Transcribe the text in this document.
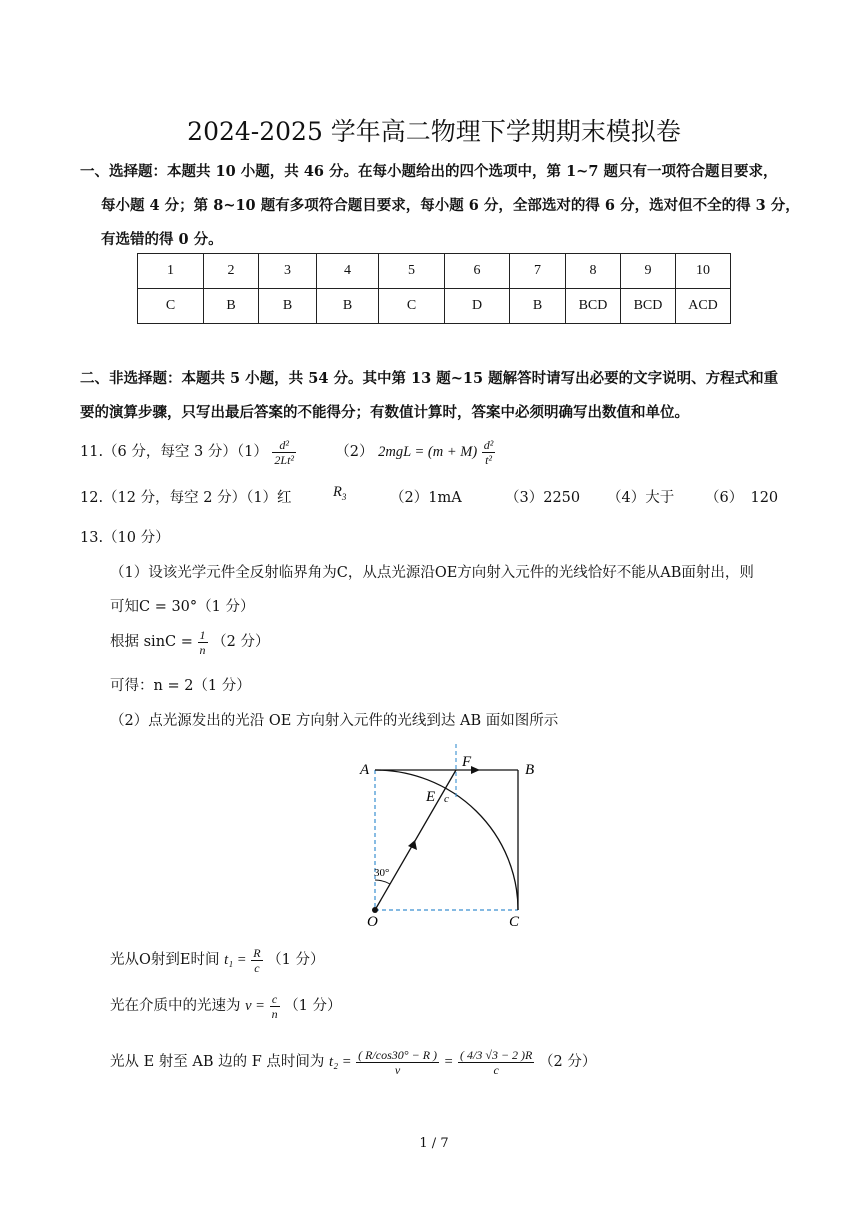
2024-2025 学年高二物理下学期期末模拟卷
一、选择题：本题共 10 小题，共 46 分。在每小题给出的四个选项中，第 1~7 题只有一项符合题目要求，
每小题 4 分；第 8~10 题有多项符合题目要求，每小题 6 分，全部选对的得 6 分，选对但不全的得 3 分，
有选错的得 0 分。
1	2	3	4	5	6	7	8	9	10
C	B	B	B	C	D	B	BCD	BCD	ACD
二、非选择题：本题共 5 小题，共 54 分。其中第 13 题~15 题解答时请写出必要的文字说明、方程式和重
要的演算步骤，只写出最后答案的不能得分；有数值计算时，答案中必须明确写出数值和单位。
11.（6 分，每空 3 分）$(1) \frac{\text{d²}}{\text{2Lt²}}$	（2） $2mgL = (m + M) \frac{\text{d²}}{\text{t²}}$
12.（12 分，每空 2 分）（1）红	$R_3$	（2）1mA	（3）2250 （4）大于 （6）　120
13.（10 分）
（1）设该光学元件全反射临界角为C，从点光源沿OE方向射入元件的光线恰好不能从AB面射出，则
可知C = 30°（1 分）
根据 $\sin C = \frac{1}{n} (2$ 分）
可得：n = 2（1 分）
（2）点光源发出的光沿 OE 方向射入元件的光线到达 AB 面如图所示
A	B
C
O
E
F
c
30°
光从O射到E时间 $t_1 = \frac{R}{c} (1$ 分）
光在介质中的光速为 $v = \frac{c}{n} (1$ 分）
光从 E 射至 AB 边的 F 点时间为 $t_2 = \frac{( R/\cos 30^\circ - R )}{v} = \frac{( 4/3 √3 - 2 )R}{c} (2$ 分）
1 / 7
